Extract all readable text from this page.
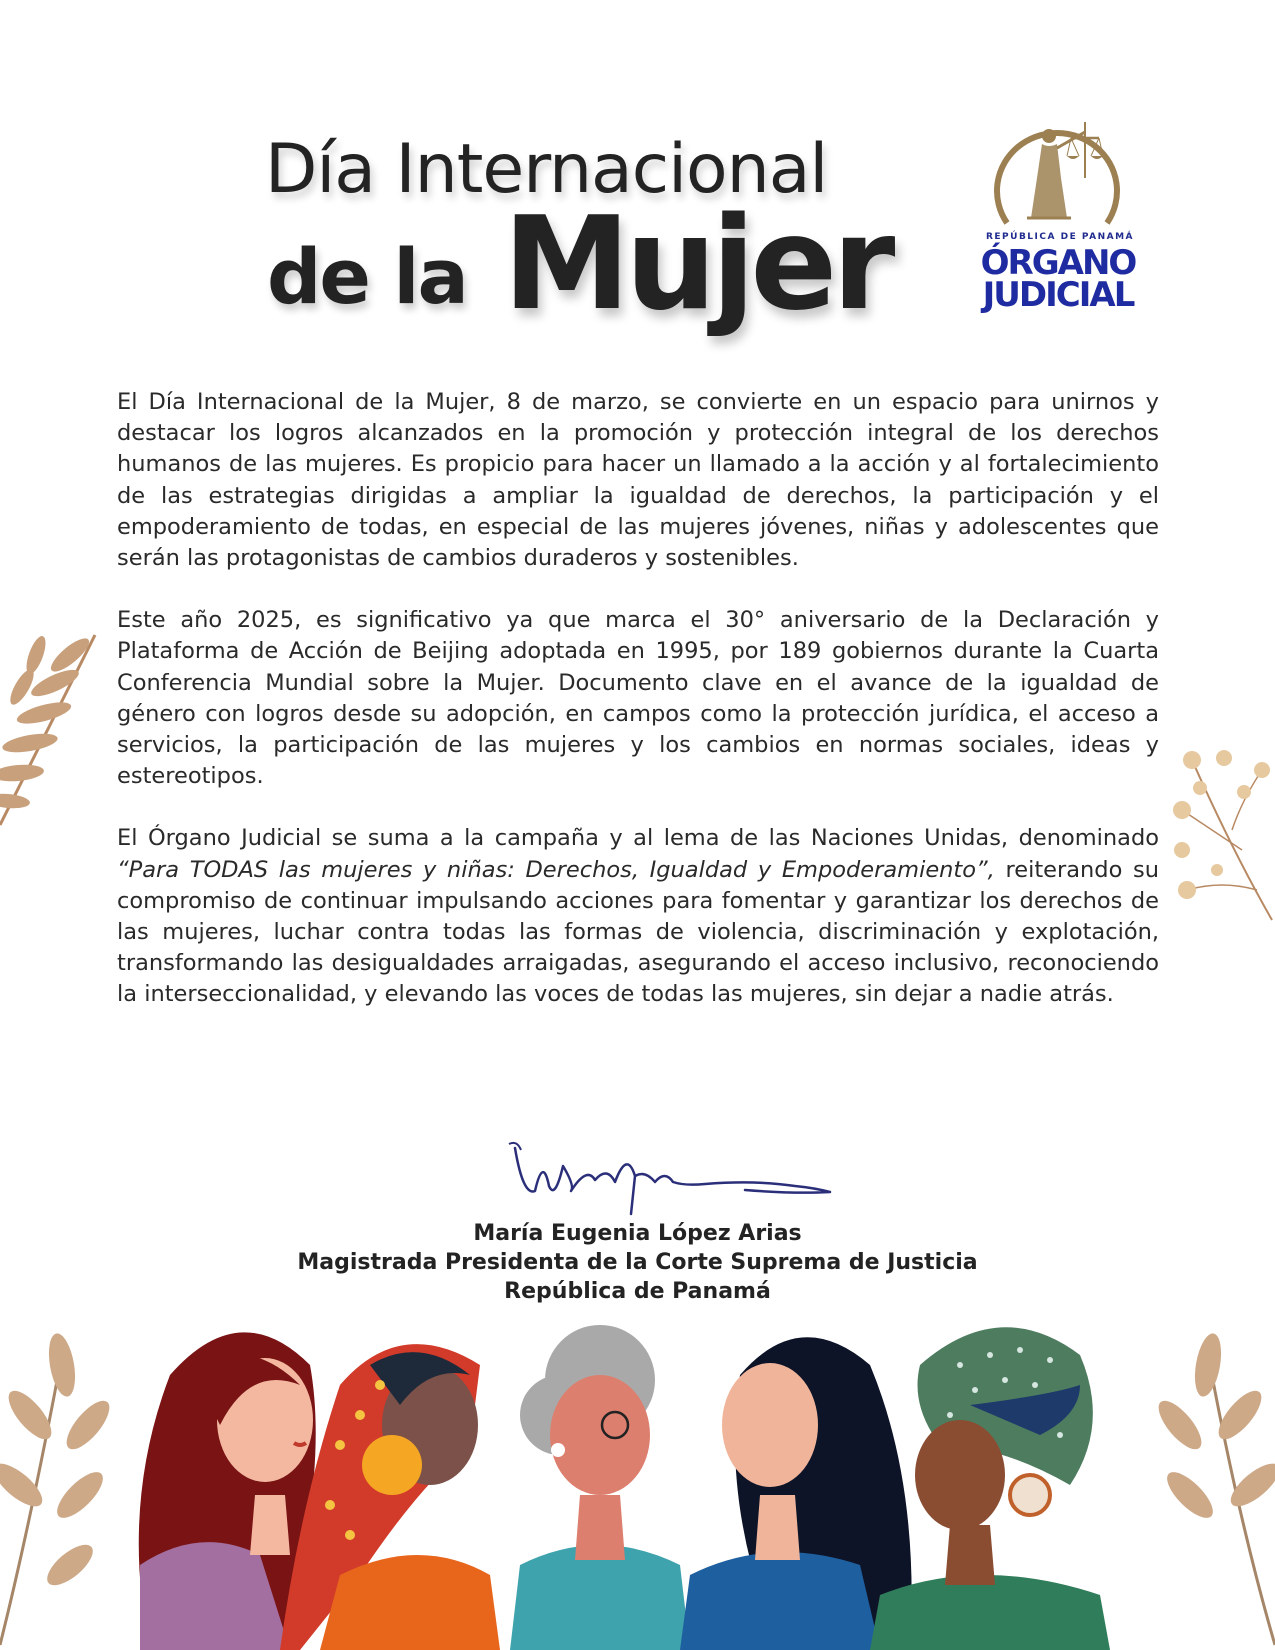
Día Internacional
de la Mujer	REPÚBLICA DE PANAMÁ
ÓRGANO
JUDICIAL

El Día Internacional de la Mujer, 8 de marzo, se convierte en un espacio para unirnos y destacar los logros alcanzados en la promoción y protección integral de los derechos humanos de las mujeres. Es propicio para hacer un llamado a la acción y al fortalecimiento de las estrategias dirigidas a ampliar la igualdad de derechos, la participación y el empoderamiento de todas, en especial de las mujeres jóvenes, niñas y adolescentes que serán las protagonistas de cambios duraderos y sostenibles.

Este año 2025, es significativo ya que marca el 30° aniversario de la Declaración y Plataforma de Acción de Beijing adoptada en 1995, por 189 gobiernos durante la Cuarta Conferencia Mundial sobre la Mujer. Documento clave en el avance de la igualdad de género con logros desde su adopción, en campos como la protección jurídica, el acceso a servicios, la participación de las mujeres y los cambios en normas sociales, ideas y estereotipos.

El Órgano Judicial se suma a la campaña y al lema de las Naciones Unidas, denominado “Para TODAS las mujeres y niñas: Derechos, Igualdad y Empoderamiento”, reiterando su compromiso de continuar impulsando acciones para fomentar y garantizar los derechos de las mujeres, luchar contra todas las formas de violencia, discriminación y explotación, transformando las desigualdades arraigadas, asegurando el acceso inclusivo, reconociendo la interseccionalidad, y elevando las voces de todas las mujeres, sin dejar a nadie atrás.

María Eugenia López Arias
Magistrada Presidenta de la Corte Suprema de Justicia
República de Panamá
